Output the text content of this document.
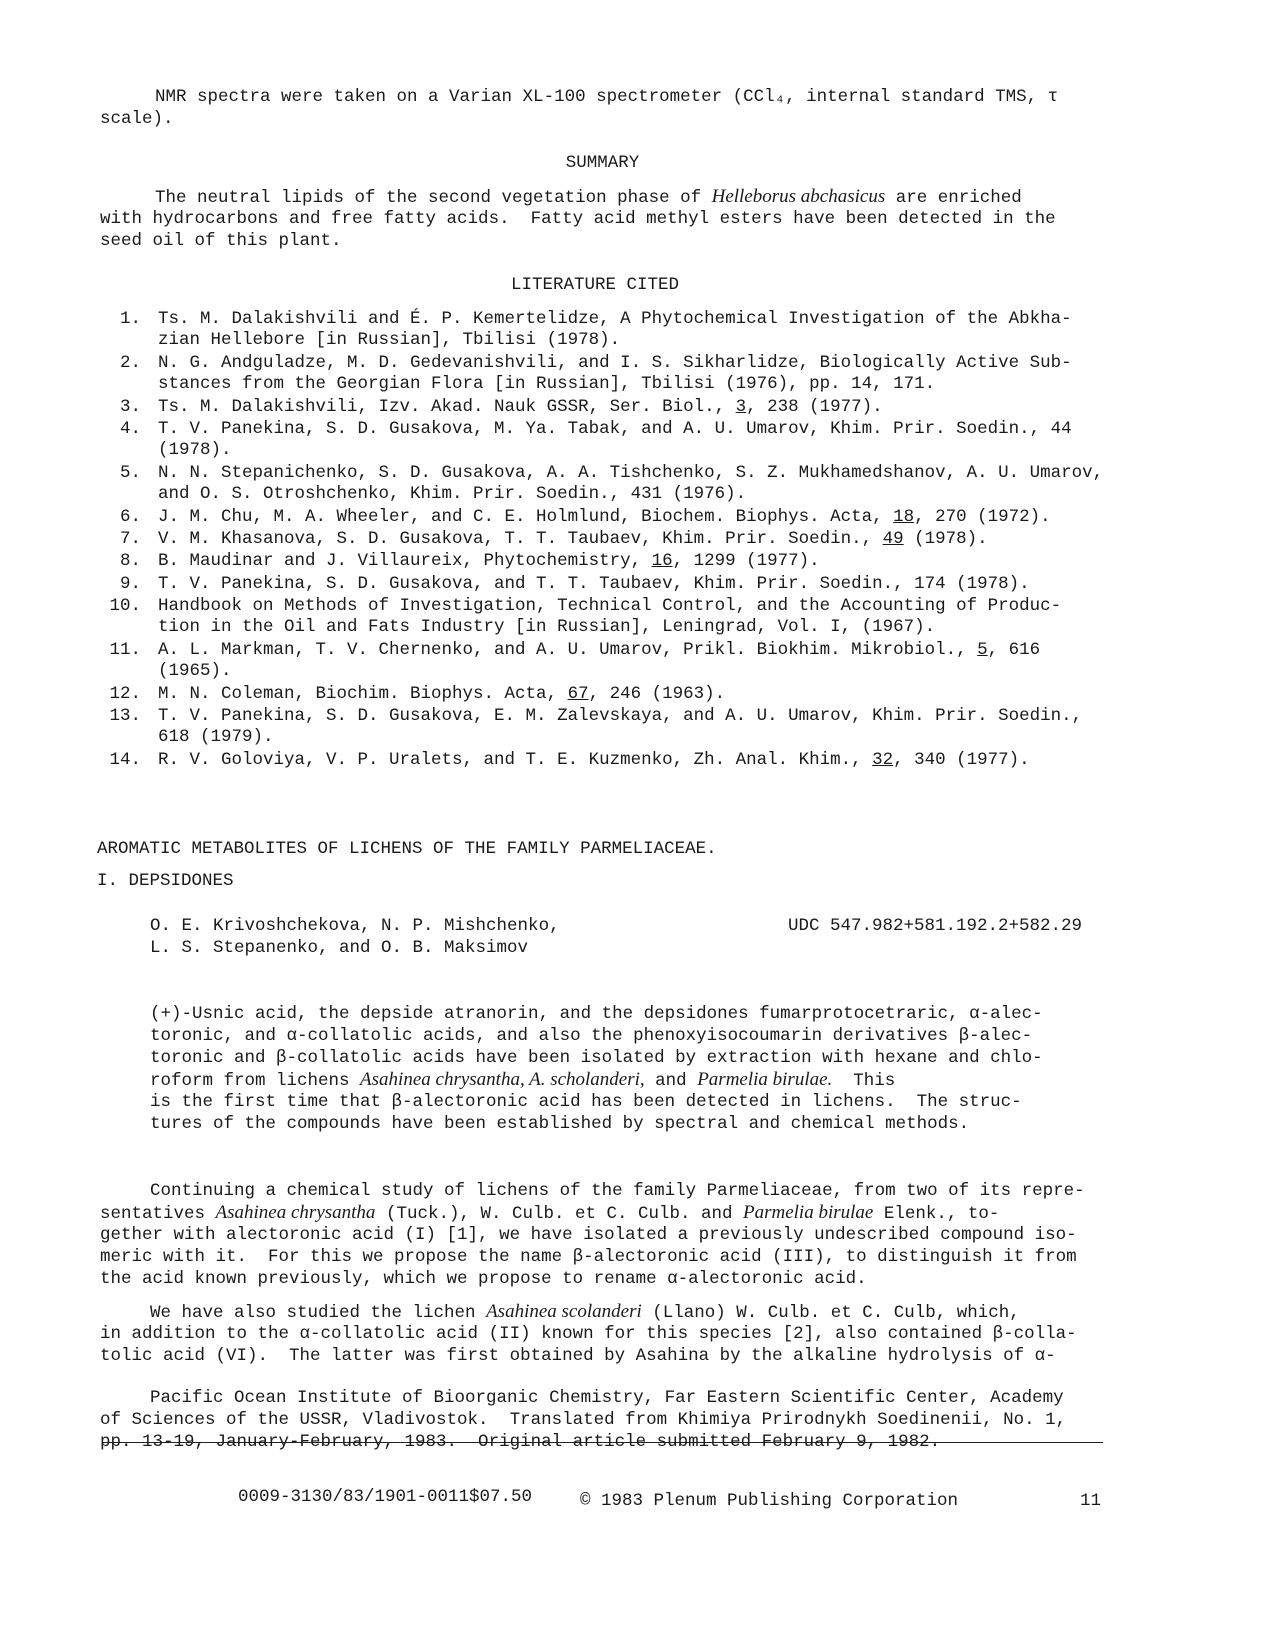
NMR spectra were taken on a Varian XL-100 spectrometer (CCl₄, internal standard TMS, τ

scale).

SUMMARY

The neutral lipids of the second vegetation phase of Helleborus abchasicus are enriched

with hydrocarbons and free fatty acids.  Fatty acid methyl esters have been detected in the

seed oil of this plant.

LITERATURE CITED

1. Ts. M. Dalakishvili and É. P. Kemertelidze, A Phytochemical Investigation of the Abkha-
zian Hellebore [in Russian], Tbilisi (1978).
2. N. G. Andguladze, M. D. Gedevanishvili, and I. S. Sikharlidze, Biologically Active Sub-
stances from the Georgian Flora [in Russian], Tbilisi (1976), pp. 14, 171.
3. Ts. M. Dalakishvili, Izv. Akad. Nauk GSSR, Ser. Biol., 3, 238 (1977).
4. T. V. Panekina, S. D. Gusakova, M. Ya. Tabak, and A. U. Umarov, Khim. Prir. Soedin., 44
(1978).
5. N. N. Stepanichenko, S. D. Gusakova, A. A. Tishchenko, S. Z. Mukhamedshanov, A. U. Umarov,
and O. S. Otroshchenko, Khim. Prir. Soedin., 431 (1976).
6. J. M. Chu, M. A. Wheeler, and C. E. Holmlund, Biochem. Biophys. Acta, 18, 270 (1972).
7. V. M. Khasanova, S. D. Gusakova, T. T. Taubaev, Khim. Prir. Soedin., 49 (1978).
8. B. Maudinar and J. Villaureix, Phytochemistry, 16, 1299 (1977).
9. T. V. Panekina, S. D. Gusakova, and T. T. Taubaev, Khim. Prir. Soedin., 174 (1978).
10. Handbook on Methods of Investigation, Technical Control, and the Accounting of Produc-
tion in the Oil and Fats Industry [in Russian], Leningrad, Vol. I, (1967).
11. A. L. Markman, T. V. Chernenko, and A. U. Umarov, Prikl. Biokhim. Mikrobiol., 5, 616
(1965).
12. M. N. Coleman, Biochim. Biophys. Acta, 67, 246 (1963).
13. T. V. Panekina, S. D. Gusakova, E. M. Zalevskaya, and A. U. Umarov, Khim. Prir. Soedin.,
618 (1979).
14. R. V. Goloviya, V. P. Uralets, and T. E. Kuzmenko, Zh. Anal. Khim., 32, 340 (1977).

AROMATIC METABOLITES OF LICHENS OF THE FAMILY PARMELIACEAE.

I. DEPSIDONES

O. E. Krivoshchekova, N. P. Mishchenko,

L. S. Stepanenko, and O. B. Maksimov

UDC 547.982+581.192.2+582.29

(+)-Usnic acid, the depside atranorin, and the depsidones fumarprotocetraric, α-alec-

toronic, and α-collatolic acids, and also the phenoxyisocoumarin derivatives β-alec-

toronic and β-collatolic acids have been isolated by extraction with hexane and chlo-

roform from lichens Asahinea chrysantha, A. scholanderi, and Parmelia birulae.  This

is the first time that β-alectoronic acid has been detected in lichens.  The struc-

tures of the compounds have been established by spectral and chemical methods.

Continuing a chemical study of lichens of the family Parmeliaceae, from two of its repre-

sentatives Asahinea chrysantha (Tuck.), W. Culb. et C. Culb. and Parmelia birulae Elenk., to-

gether with alectoronic acid (I) [1], we have isolated a previously undescribed compound iso-

meric with it.  For this we propose the name β-alectoronic acid (III), to distinguish it from

the acid known previously, which we propose to rename α-alectoronic acid.

We have also studied the lichen Asahinea scolanderi (Llano) W. Culb. et C. Culb, which,

in addition to the α-collatolic acid (II) known for this species [2], also contained β-colla-

tolic acid (VI).  The latter was first obtained by Asahina by the alkaline hydrolysis of α-

Pacific Ocean Institute of Bioorganic Chemistry, Far Eastern Scientific Center, Academy

of Sciences of the USSR, Vladivostok.  Translated from Khimiya Prirodnykh Soedinenii, No. 1,

pp. 13-19, January-February, 1983.  Original article submitted February 9, 1982.

0009-3130/83/1901-0011$07.50	© 1983 Plenum Publishing Corporation	11
